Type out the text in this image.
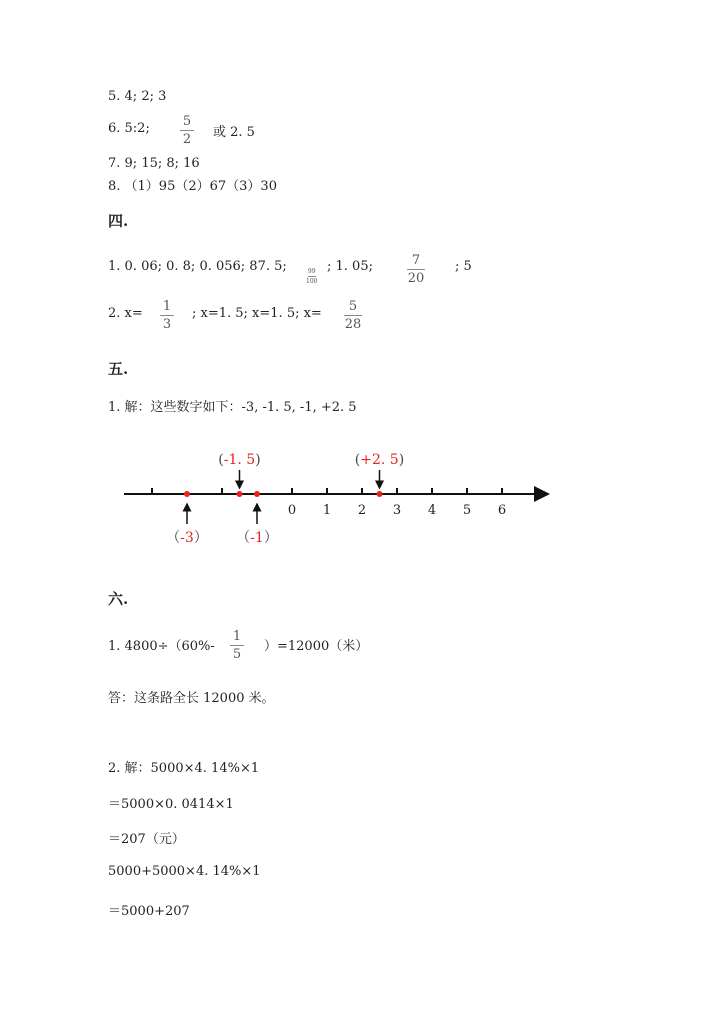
5. 4; 2; 3
6. 5:2;	5
2 或 2. 5
7. 9; 15; 8; 16
8. （1）95（2）67（3）30
四.
1. 0. 06; 0. 8; 0. 056; 87. 5;	99
100
; 1. 05;	7
20
; 5
2. x= 1
3
; x=1. 5; x=1. 5; x= 5
28
五.
1. 解：这些数字如下：-3, -1. 5, -1, +2. 5
0 1 2 3 4 5 6
（-3）
(-1. 5)
（-1）
(+2. 5)
六.
1. 4800÷（60%-
1
5
）=12000（米）
答：这条路全长 12000 米。
2. 解：5000×4. 14%×1
＝5000×0. 0414×1
＝207（元）
5000+5000×4. 14%×1
＝5000+207
